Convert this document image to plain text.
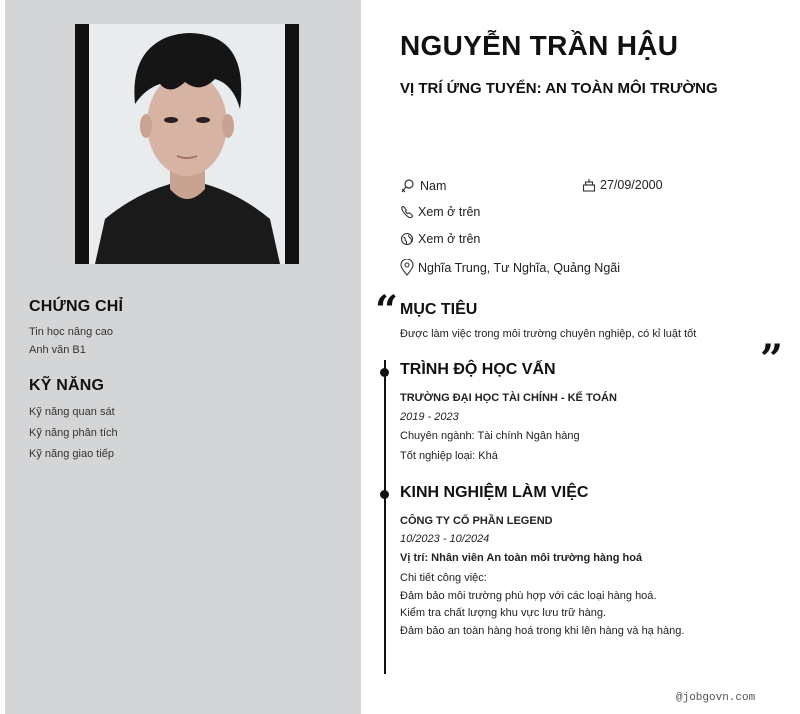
CHỨNG CHỈ
Tin học nâng cao
Anh văn B1
KỸ NĂNG
Kỹ năng quan sát
Kỹ năng phân tích
Kỹ năng giao tiếp
NGUYỄN TRẦN HẬU
VỊ TRÍ ỨNG TUYỂN: AN TOÀN MÔI TRƯỜNG
Nam	27/09/2000
Xem ở trên
Xem ở trên
Nghĩa Trung, Tư Nghĩa, Quảng Ngãi
“ MỤC TIÊU
Được làm việc trong môi trường chuyên nghiệp, có kỉ luật tốt
”
TRÌNH ĐỘ HỌC VẤN
TRƯỜNG ĐẠI HỌC TÀI CHÍNH - KẾ TOÁN
2019 - 2023
Chuyên ngành: Tài chính Ngân hàng
Tốt nghiệp loại: Khá
KINH NGHIỆM LÀM VIỆC
CÔNG TY CỔ PHẦN LEGEND
10/2023 - 10/2024
Vị trí: Nhân viên An toàn môi trường hàng hoá
Chi tiết công việc:
Đảm bảo môi trường phù hợp với các loại hàng hoá.
Kiểm tra chất lượng khu vực lưu trữ hàng.
Đảm bảo an toàn hàng hoá trong khi lên hàng và hạ hàng.
@jobgovn.com
